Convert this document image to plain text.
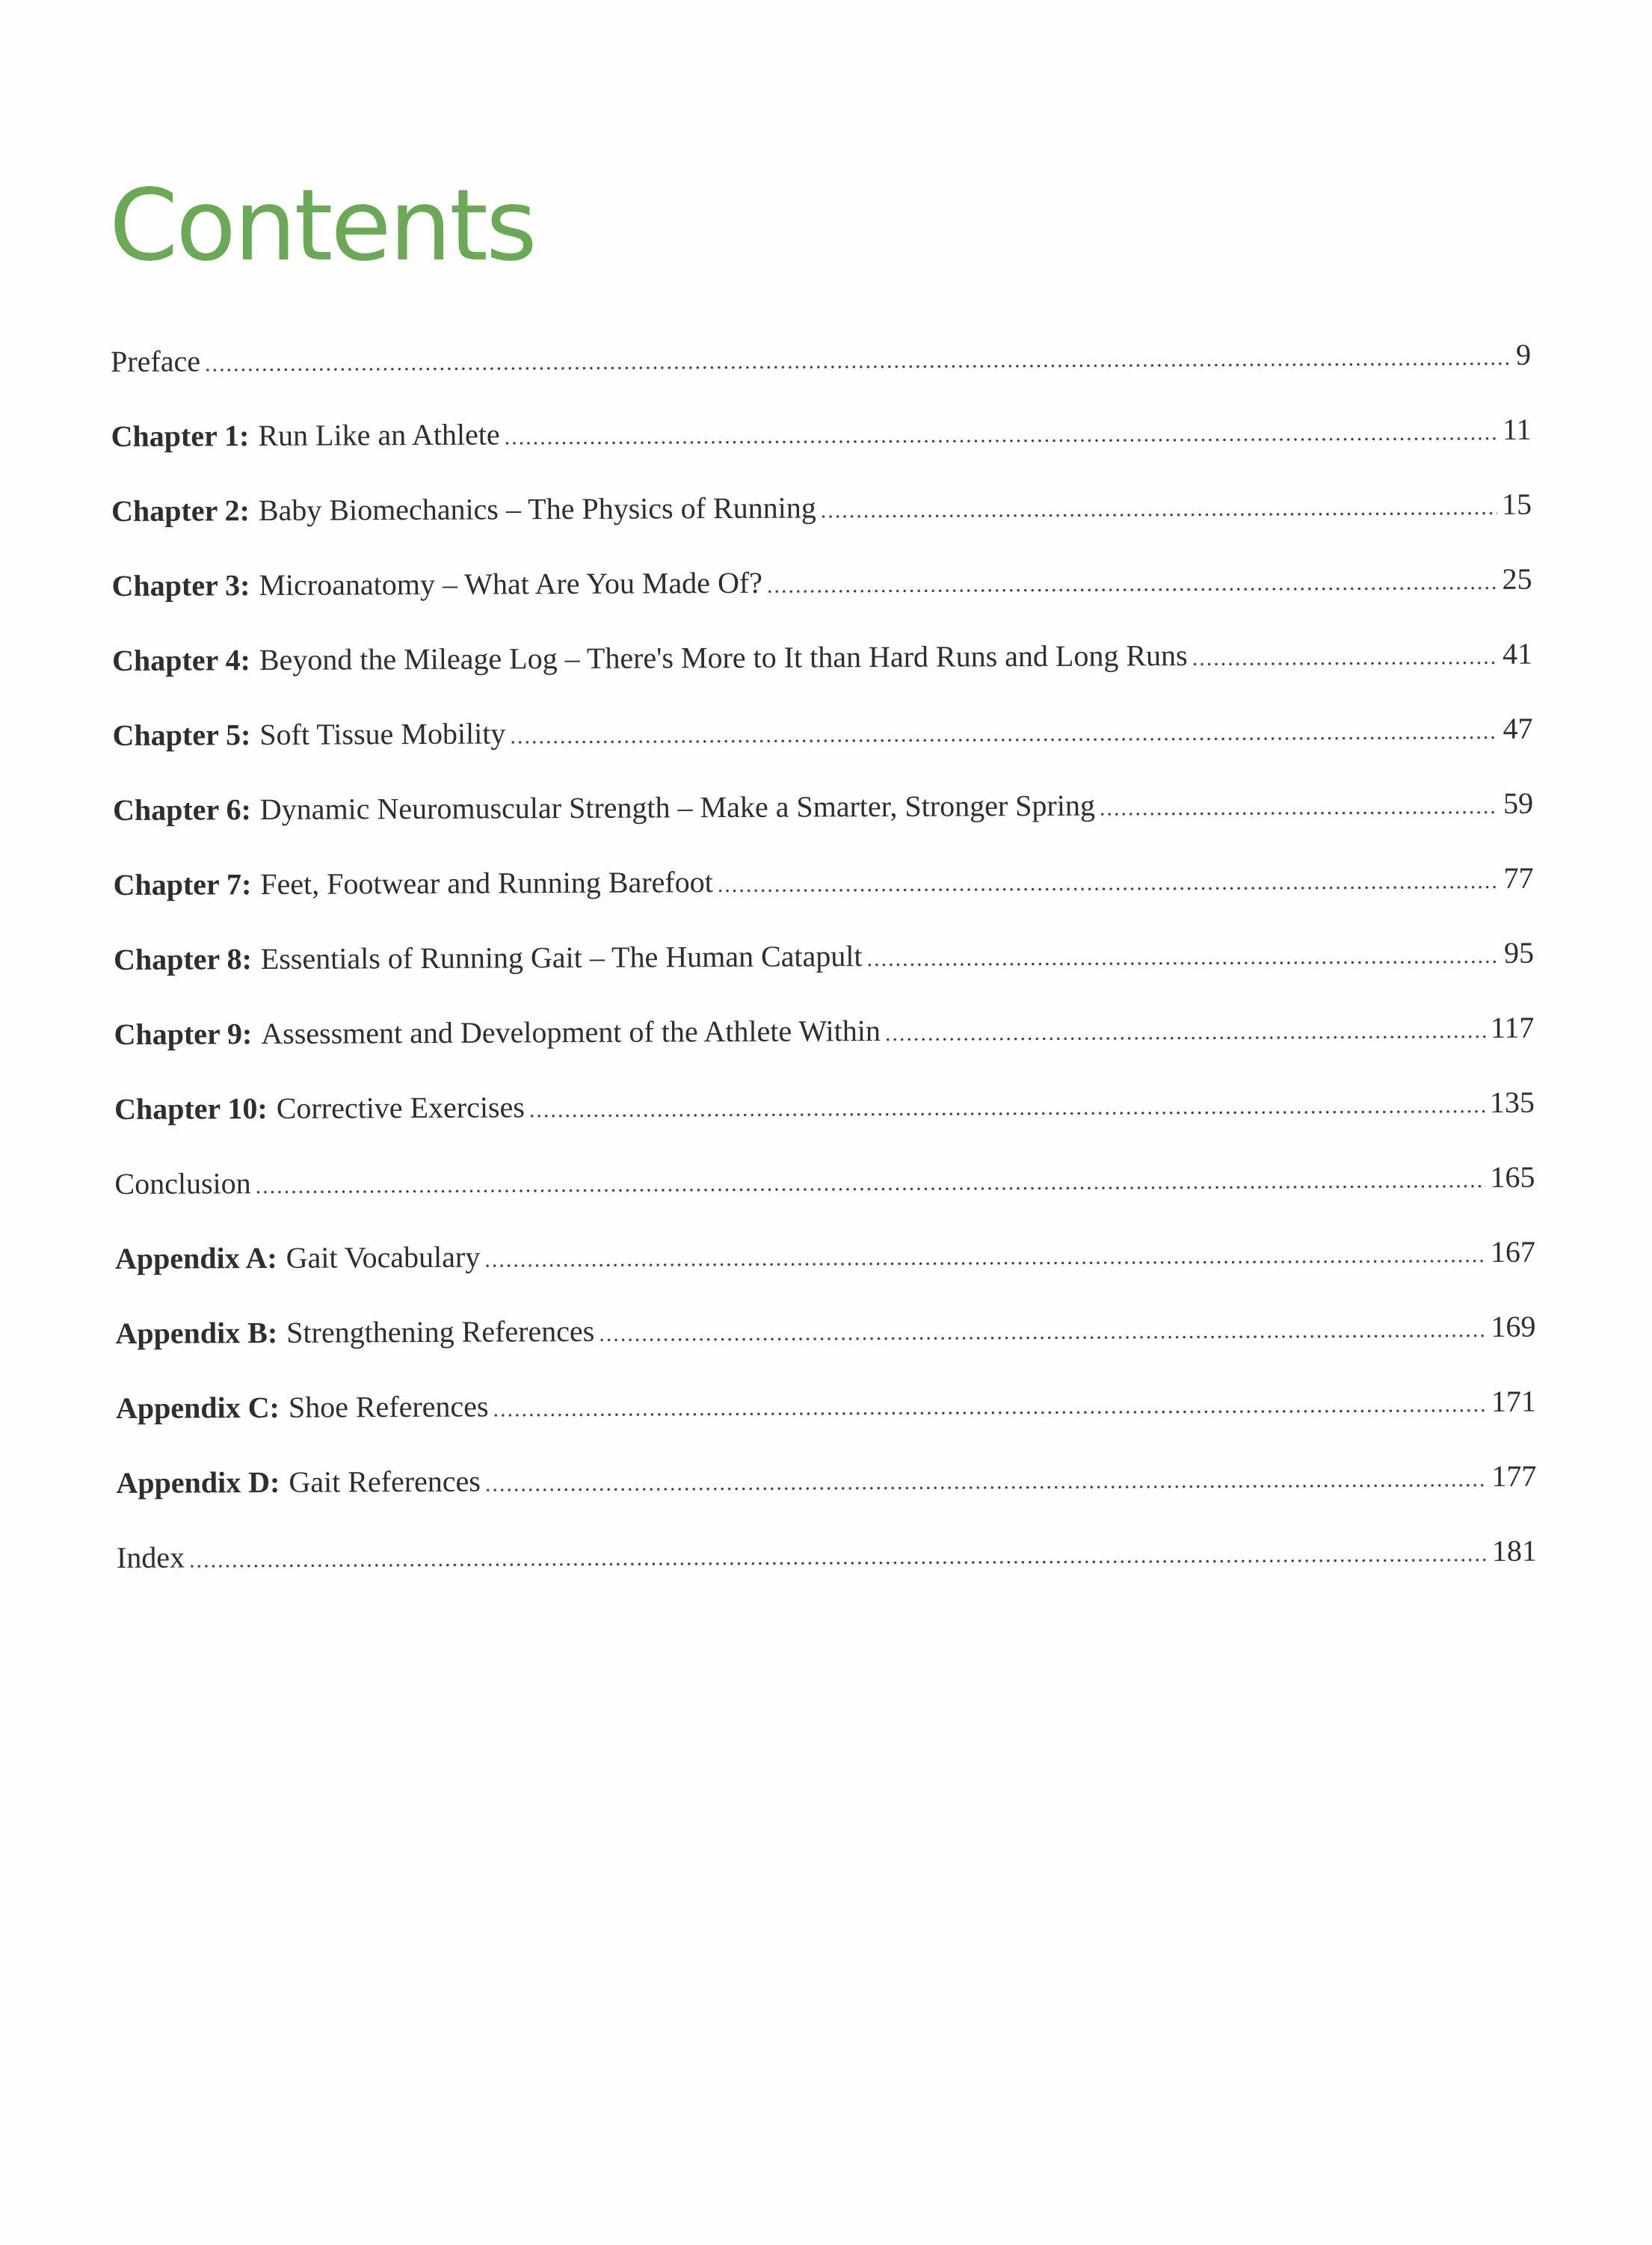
Contents
Preface .....	9
Chapter 1: Run Like an Athlete .....	11
Chapter 2: Baby Biomechanics – The Physics of Running .....	15
Chapter 3: Microanatomy – What Are You Made Of? .....	25
Chapter 4: Beyond the Mileage Log – There's More to It than Hard Runs and Long Runs .....	41
Chapter 5: Soft Tissue Mobility .....	47
Chapter 6: Dynamic Neuromuscular Strength – Make a Smarter, Stronger Spring .....	59
Chapter 7: Feet, Footwear and Running Barefoot .....	77
Chapter 8: Essentials of Running Gait – The Human Catapult .....	95
Chapter 9: Assessment and Development of the Athlete Within .....	117
Chapter 10: Corrective Exercises .....	135
Conclusion .....	165
Appendix A: Gait Vocabulary .....	167
Appendix B: Strengthening References .....	169
Appendix C: Shoe References .....	171
Appendix D: Gait References .....	177
Index .....	181
